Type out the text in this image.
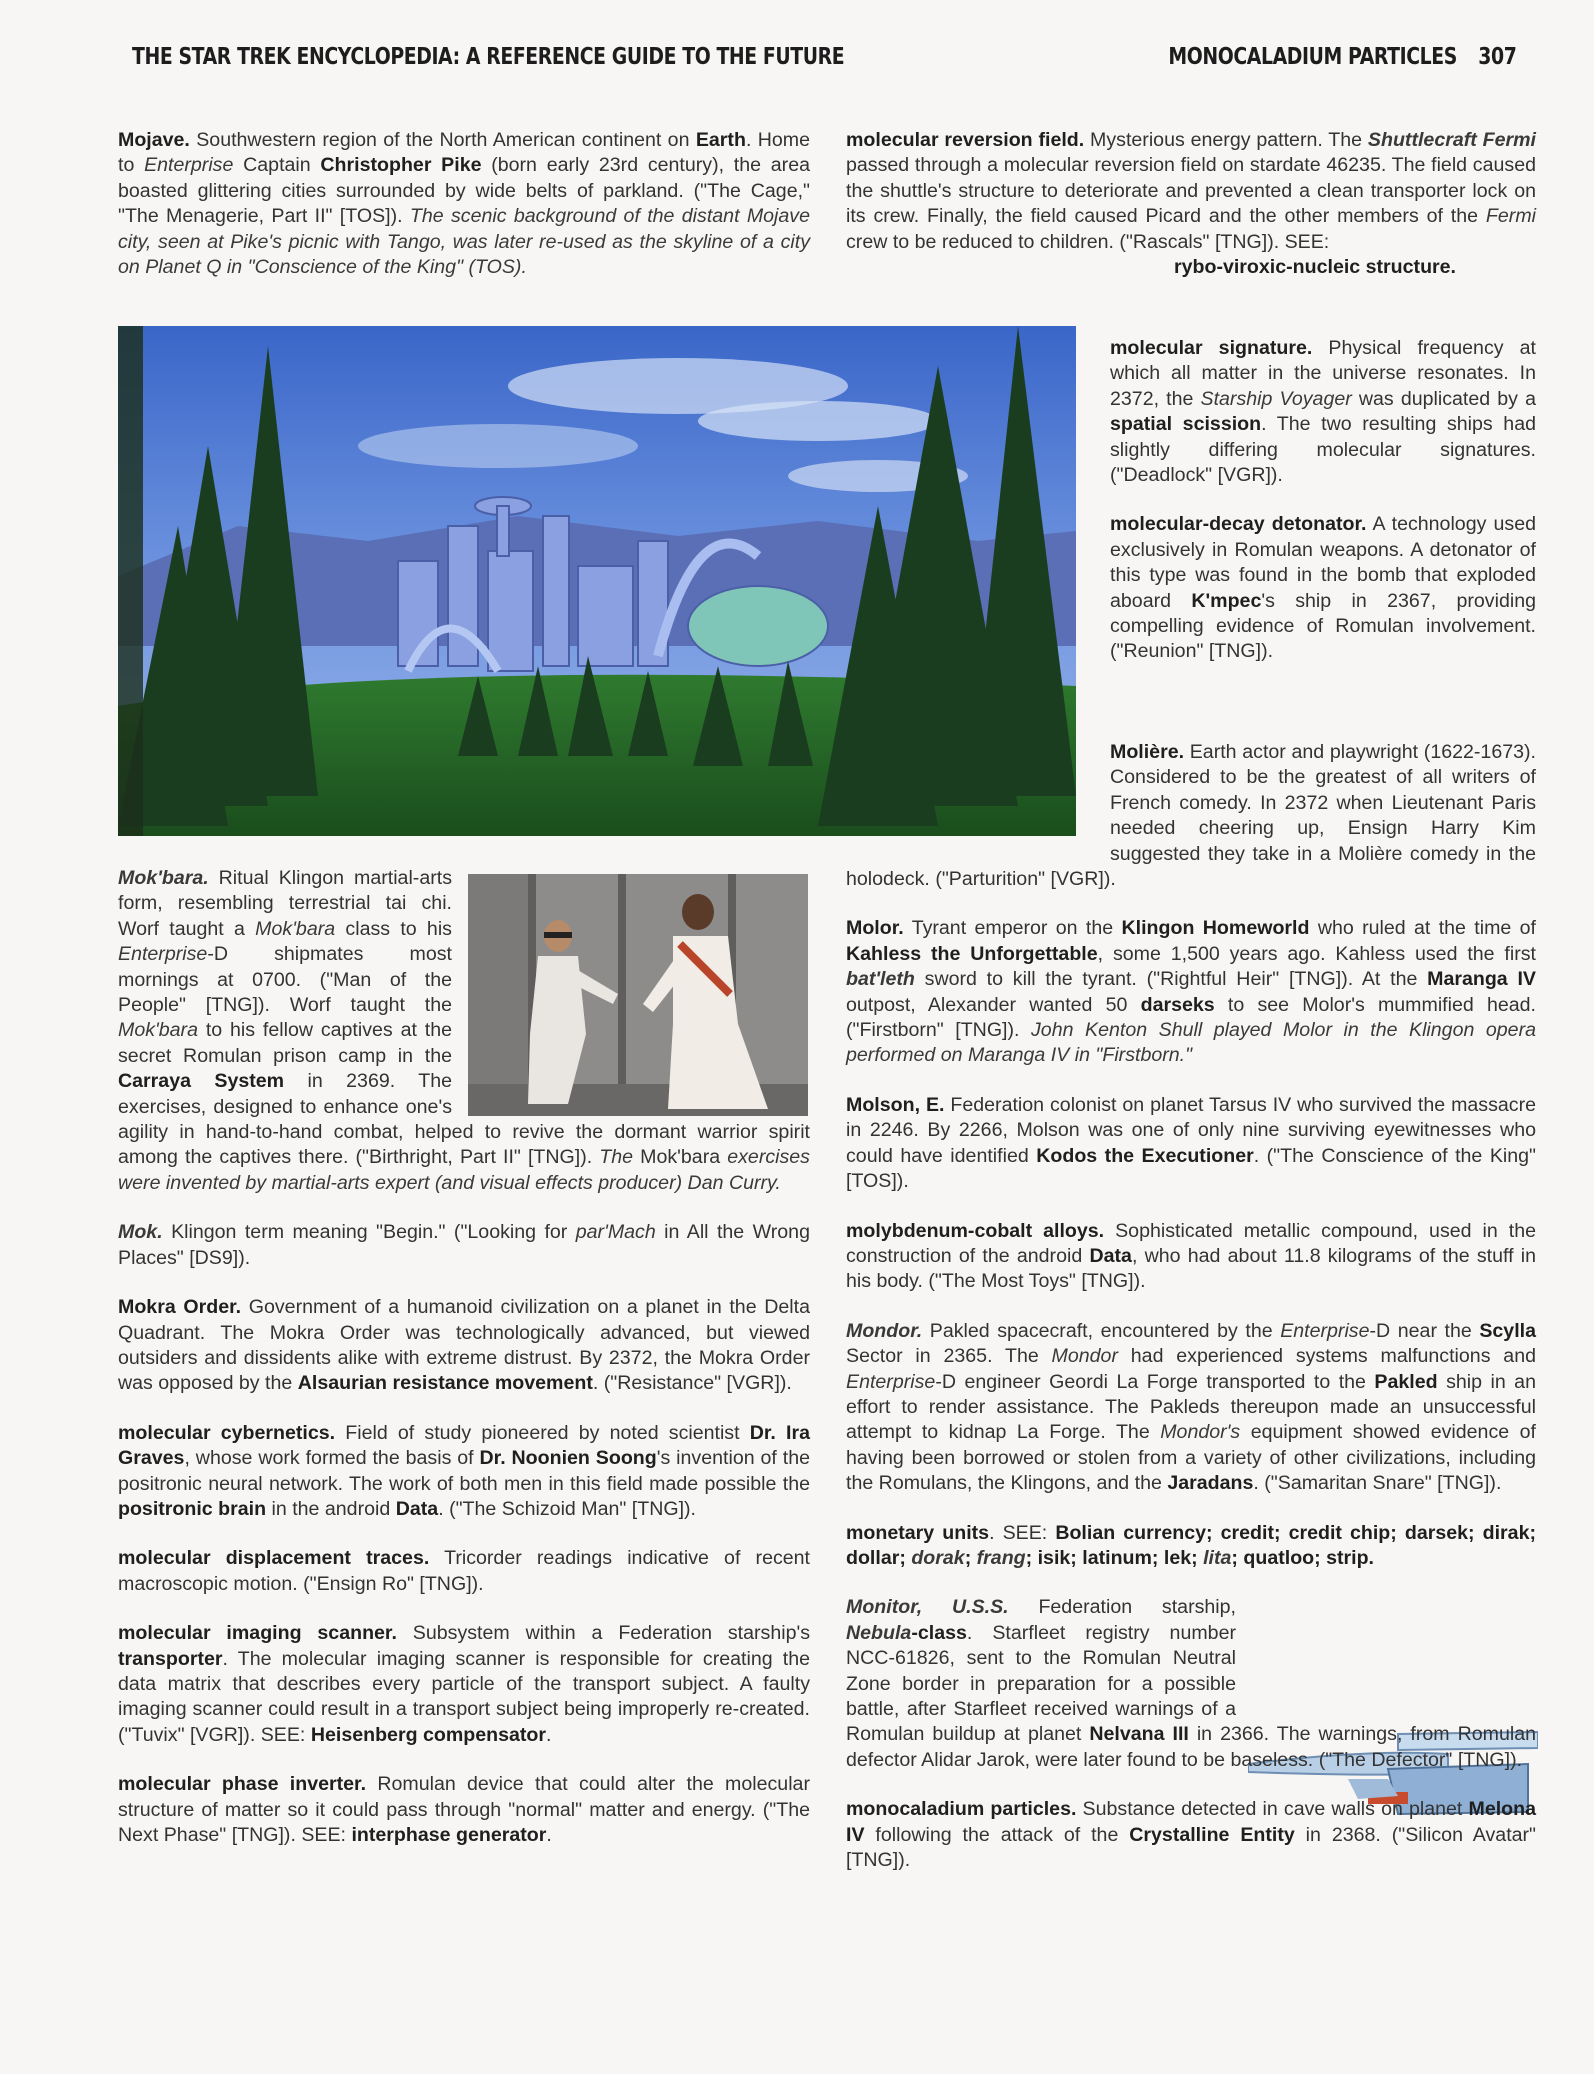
THE STAR TREK ENCYCLOPEDIA: A REFERENCE GUIDE TO THE FUTURE	MONOCALADIUM PARTICLES 307

Mojave. Southwestern region of the North American continent on Earth. Home to Enterprise Captain Christopher Pike (born early 23rd century), the area boasted glittering cities surrounded by wide belts of parkland. ("The Cage," "The Menagerie, Part II" [TOS]). The scenic background of the distant Mojave city, seen at Pike's picnic with Tango, was later re-used as the skyline of a city on Planet Q in "Conscience of the King" (TOS).

Mok'bara. Ritual Klingon martial-arts form, resembling terrestrial tai chi. Worf taught a Mok'bara class to his Enterprise-D shipmates most mornings at 0700. ("Man of the People" [TNG]). Worf taught the Mok'bara to his fellow captives at the secret Romulan prison camp in the Carraya System in 2369. The exercises, designed to enhance one's agility in hand-to-hand combat, helped to revive the dormant warrior spirit among the captives there. ("Birthright, Part II" [TNG]). The Mok'bara exercises were invented by martial-arts expert (and visual effects producer) Dan Curry.

Mok. Klingon term meaning "Begin." ("Looking for par'Mach in All the Wrong Places" [DS9]).

Mokra Order. Government of a humanoid civilization on a planet in the Delta Quadrant. The Mokra Order was technologically advanced, but viewed outsiders and dissidents alike with extreme distrust. By 2372, the Mokra Order was opposed by the Alsaurian resistance movement. ("Resistance" [VGR]).

molecular cybernetics. Field of study pioneered by noted scientist Dr. Ira Graves, whose work formed the basis of Dr. Noonien Soong's invention of the positronic neural network. The work of both men in this field made possible the positronic brain in the android Data. ("The Schizoid Man" [TNG]).

molecular displacement traces. Tricorder readings indicative of recent macroscopic motion. ("Ensign Ro" [TNG]).

molecular imaging scanner. Subsystem within a Federation starship's transporter. The molecular imaging scanner is responsible for creating the data matrix that describes every particle of the transport subject. A faulty imaging scanner could result in a transport subject being improperly re-created. ("Tuvix" [VGR]). SEE: Heisenberg compensator.

molecular phase inverter. Romulan device that could alter the molecular structure of matter so it could pass through "normal" matter and energy. ("The Next Phase" [TNG]). SEE: interphase generator.

molecular reversion field. Mysterious energy pattern. The Shuttlecraft Fermi passed through a molecular reversion field on stardate 46235. The field caused the shuttle's structure to deteriorate and prevented a clean transporter lock on its crew. Finally, the field caused Picard and the other members of the Fermi crew to be reduced to children. ("Rascals" [TNG]). SEE:

rybo-viroxic-nucleic structure.

molecular signature. Physical frequency at which all matter in the universe resonates. In 2372, the Starship Voyager was duplicated by a spatial scission. The two resulting ships had slightly differing molecular signatures. ("Deadlock" [VGR]).

molecular-decay detonator. A technology used exclusively in Romulan weapons. A detonator of this type was found in the bomb that exploded aboard K'mpec's ship in 2367, providing compelling evidence of Romulan involvement. ("Reunion" [TNG]).

Molière. Earth actor and playwright (1622-1673). Considered to be the greatest of all writers of French comedy. In 2372 when Lieutenant Paris needed cheering up, Ensign Harry Kim suggested they take in a Molière comedy in the holodeck. ("Parturition" [VGR]).

Molor. Tyrant emperor on the Klingon Homeworld who ruled at the time of Kahless the Unforgettable, some 1,500 years ago. Kahless used the first bat'leth sword to kill the tyrant. ("Rightful Heir" [TNG]). At the Maranga IV outpost, Alexander wanted 50 darseks to see Molor's mummified head. ("Firstborn" [TNG]). John Kenton Shull played Molor in the Klingon opera performed on Maranga IV in "Firstborn."

Molson, E. Federation colonist on planet Tarsus IV who survived the massacre in 2246. By 2266, Molson was one of only nine surviving eyewitnesses who could have identified Kodos the Executioner. ("The Conscience of the King" [TOS]).

molybdenum-cobalt alloys. Sophisticated metallic compound, used in the construction of the android Data, who had about 11.8 kilograms of the stuff in his body. ("The Most Toys" [TNG]).

Mondor. Pakled spacecraft, encountered by the Enterprise-D near the Scylla Sector in 2365. The Mondor had experienced systems malfunctions and Enterprise-D engineer Geordi La Forge transported to the Pakled ship in an effort to render assistance. The Pakleds thereupon made an unsuccessful attempt to kidnap La Forge. The Mondor's equipment showed evidence of having been borrowed or stolen from a variety of other civilizations, including the Romulans, the Klingons, and the Jaradans. ("Samaritan Snare" [TNG]).

monetary units. SEE: Bolian currency; credit; credit chip; darsek; dirak; dollar; dorak; frang; isik; latinum; lek; lita; quatloo; strip.

Monitor, U.S.S. Federation starship, Nebula-class. Starfleet registry number NCC-61826, sent to the Romulan Neutral Zone border in preparation for a possible battle, after Starfleet received warnings of a Romulan buildup at planet Nelvana III in 2366. The warnings, from Romulan defector Alidar Jarok, were later found to be baseless. ("The Defector" [TNG]).

monocaladium particles. Substance detected in cave walls on planet Melona IV following the attack of the Crystalline Entity in 2368. ("Silicon Avatar" [TNG]).
